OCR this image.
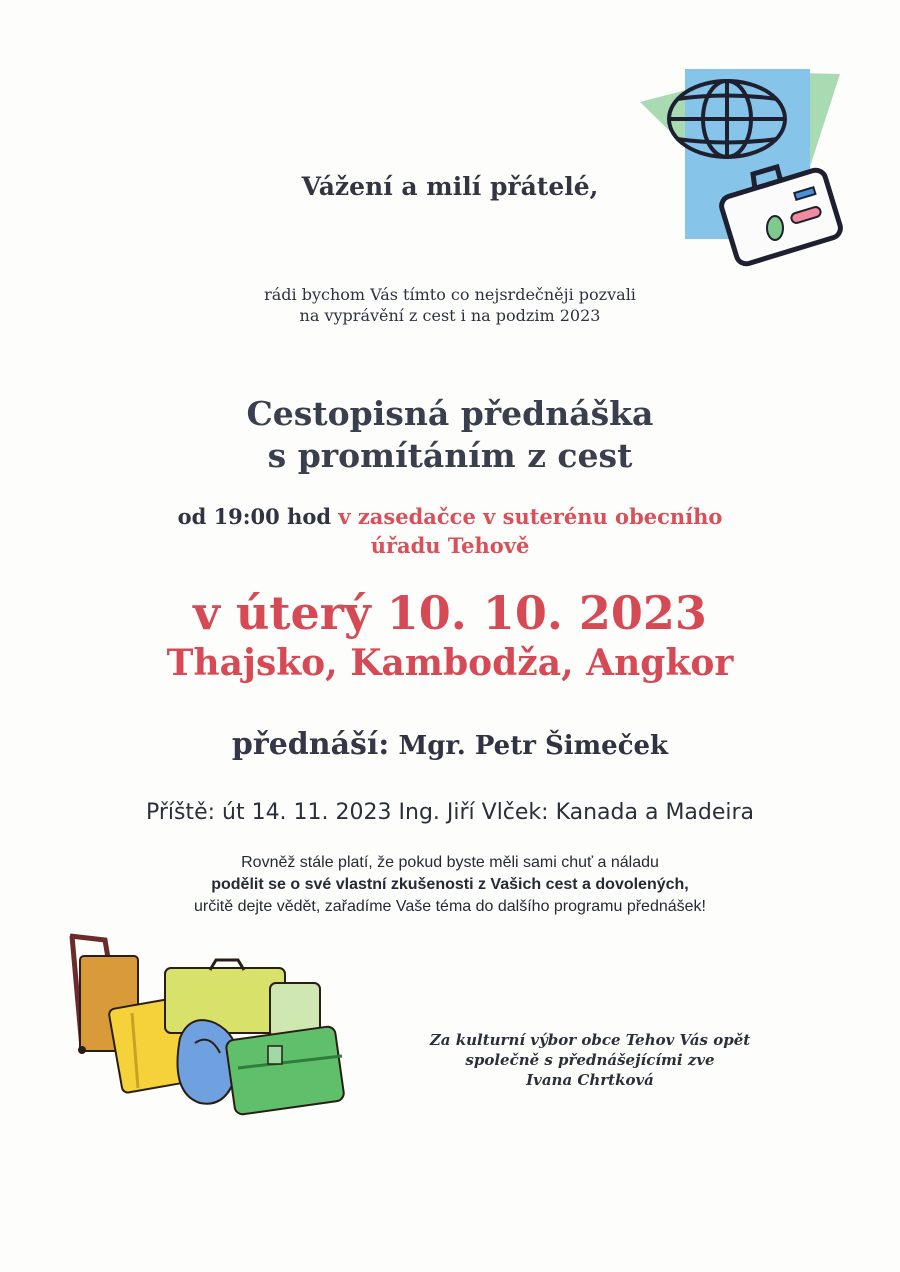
Vážení a milí přátelé,
rádi bychom Vás tímto co nejsrdečněji pozvali
na vyprávění z cest i na podzim 2023
Cestopisná přednáška
s promítáním z cest
od 19:00 hod v zasedačce v suterénu obecního
úřadu Tehově
v úterý 10. 10. 2023
Thajsko, Kambodža, Angkor
přednáší: Mgr. Petr Šimeček
Příště: út 14. 11. 2023 Ing. Jiří Vlček: Kanada a Madeira
Rovněž stále platí, že pokud byste měli sami chuť a náladu
podělit se o své vlastní zkušenosti z Vašich cest a dovolených,
určitě dejte vědět, zařadíme Vaše téma do dalšího programu přednášek!
Za kulturní výbor obce Tehov Vás opět
společně s přednášejícími zve
Ivana Chrtková
